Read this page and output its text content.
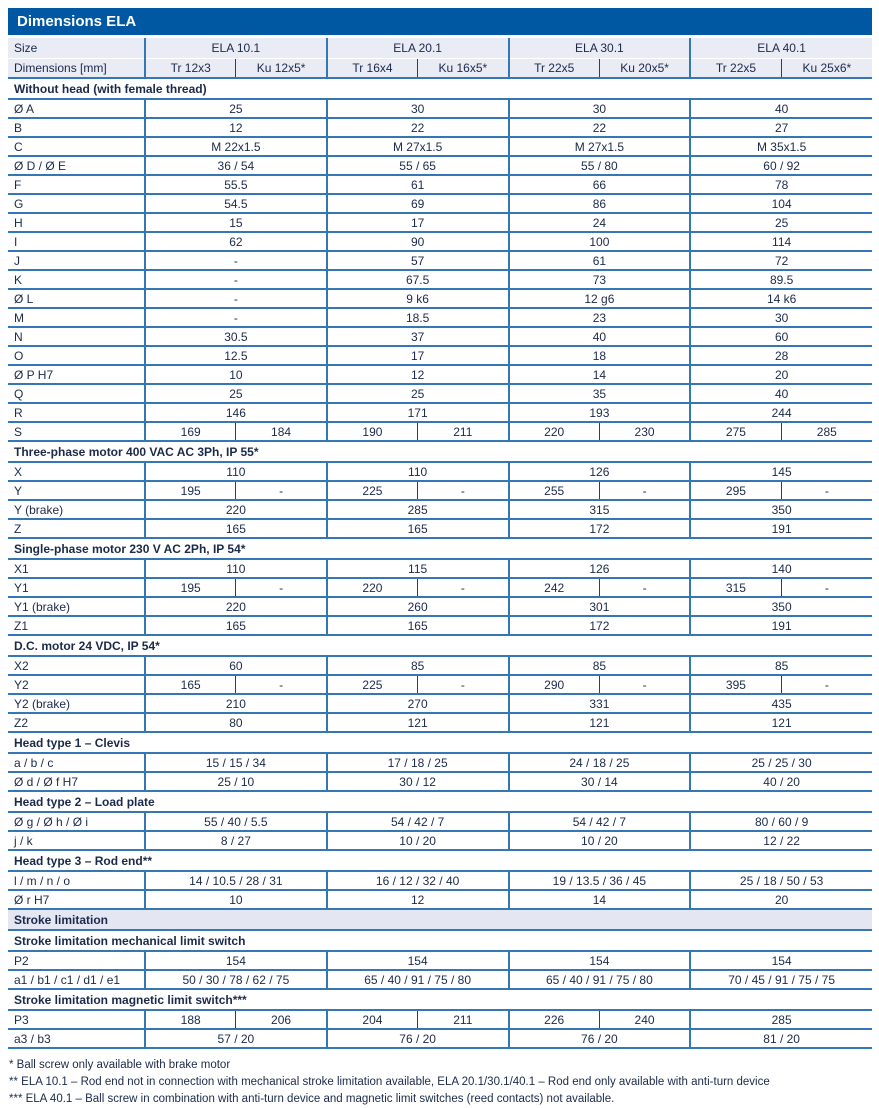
Dimensions ELA
Size	ELA 10.1		ELA 20.1		ELA 30.1		ELA 40.1	
Dimensions [mm]	Tr 12x3	Ku 12x5*	Tr 16x4	Ku 16x5*	Tr 22x5	Ku 20x5*	Tr 22x5	Ku 25x6*
Without head (with female thread)								
Ø A	25		30		30		40	
B	12		22		22		27	
C	M 22x1.5		M 27x1.5		M 27x1.5		M 35x1.5	
Ø D / Ø E	36 / 54		55 / 65		55 / 80		60 / 92	
F	55.5		61		66		78	
G	54.5		69		86		104	
H	15		17		24		25	
I	62		90		100		114	
J	-		57		61		72	
K	-		67.5		73		89.5	
Ø L	-		9 k6		12 g6		14 k6	
M	-		18.5		23		30	
N	30.5		37		40		60	
O	12.5		17		18		28	
Ø P H7	10		12		14		20	
Q	25		25		35		40	
R	146		171		193		244	
S	169	184	190	211	220	230	275	285
Three-phase motor 400 VAC AC 3Ph, IP 55*								
X	110		110		126		145	
Y	195	-	225	-	255	-	295	-
Y (brake)	220		285		315		350	
Z	165		165		172		191	
Single-phase motor 230 V AC 2Ph, IP 54*								
X1	110		115		126		140	
Y1	195	-	220	-	242	-	315	-
Y1 (brake)	220		260		301		350	
Z1	165		165		172		191	
D.C. motor 24 VDC, IP 54*								
X2	60		85		85		85	
Y2	165	-	225	-	290	-	395	-
Y2 (brake)	210		270		331		435	
Z2	80		121		121		121	
Head type 1 – Clevis								
a / b / c	15 / 15 / 34		17 / 18 / 25		24 / 18 / 25		25 / 25 / 30	
Ø d / Ø f H7	25 / 10		30 / 12		30 / 14		40 / 20	
Head type 2 – Load plate								
Ø g / Ø h / Ø i	55 / 40 / 5.5		54 / 42 / 7		54 / 42 / 7		80 / 60 / 9	
j / k	8 / 27		10 / 20		10 / 20		12 / 22	
Head type 3 – Rod end**								
l / m / n / o	14 / 10.5 / 28 / 31		16 / 12 / 32 / 40		19 / 13.5 / 36 / 45		25 / 18 / 50 / 53	
Ø r H7	10		12		14		20	
Stroke limitation								
Stroke limitation mechanical limit switch								
P2	154		154		154		154	
a1 / b1 / c1 / d1 / e1	50 / 30 / 78 / 62 / 75		65 / 40 / 91 / 75 / 80		65 / 40 / 91 / 75 / 80		70 / 45 / 91 / 75 / 75	
Stroke limitation magnetic limit switch***								
P3	188	206	204	211	226	240	285	
a3 / b3	57 / 20		76 / 20		76 / 20		81 / 20	
* Ball screw only available with brake motor
** ELA 10.1 – Rod end not in connection with mechanical stroke limitation available, ELA 20.1/30.1/40.1 – Rod end only available with anti-turn device
*** ELA 40.1 – Ball screw in combination with anti-turn device and magnetic limit switches (reed contacts) not available.
